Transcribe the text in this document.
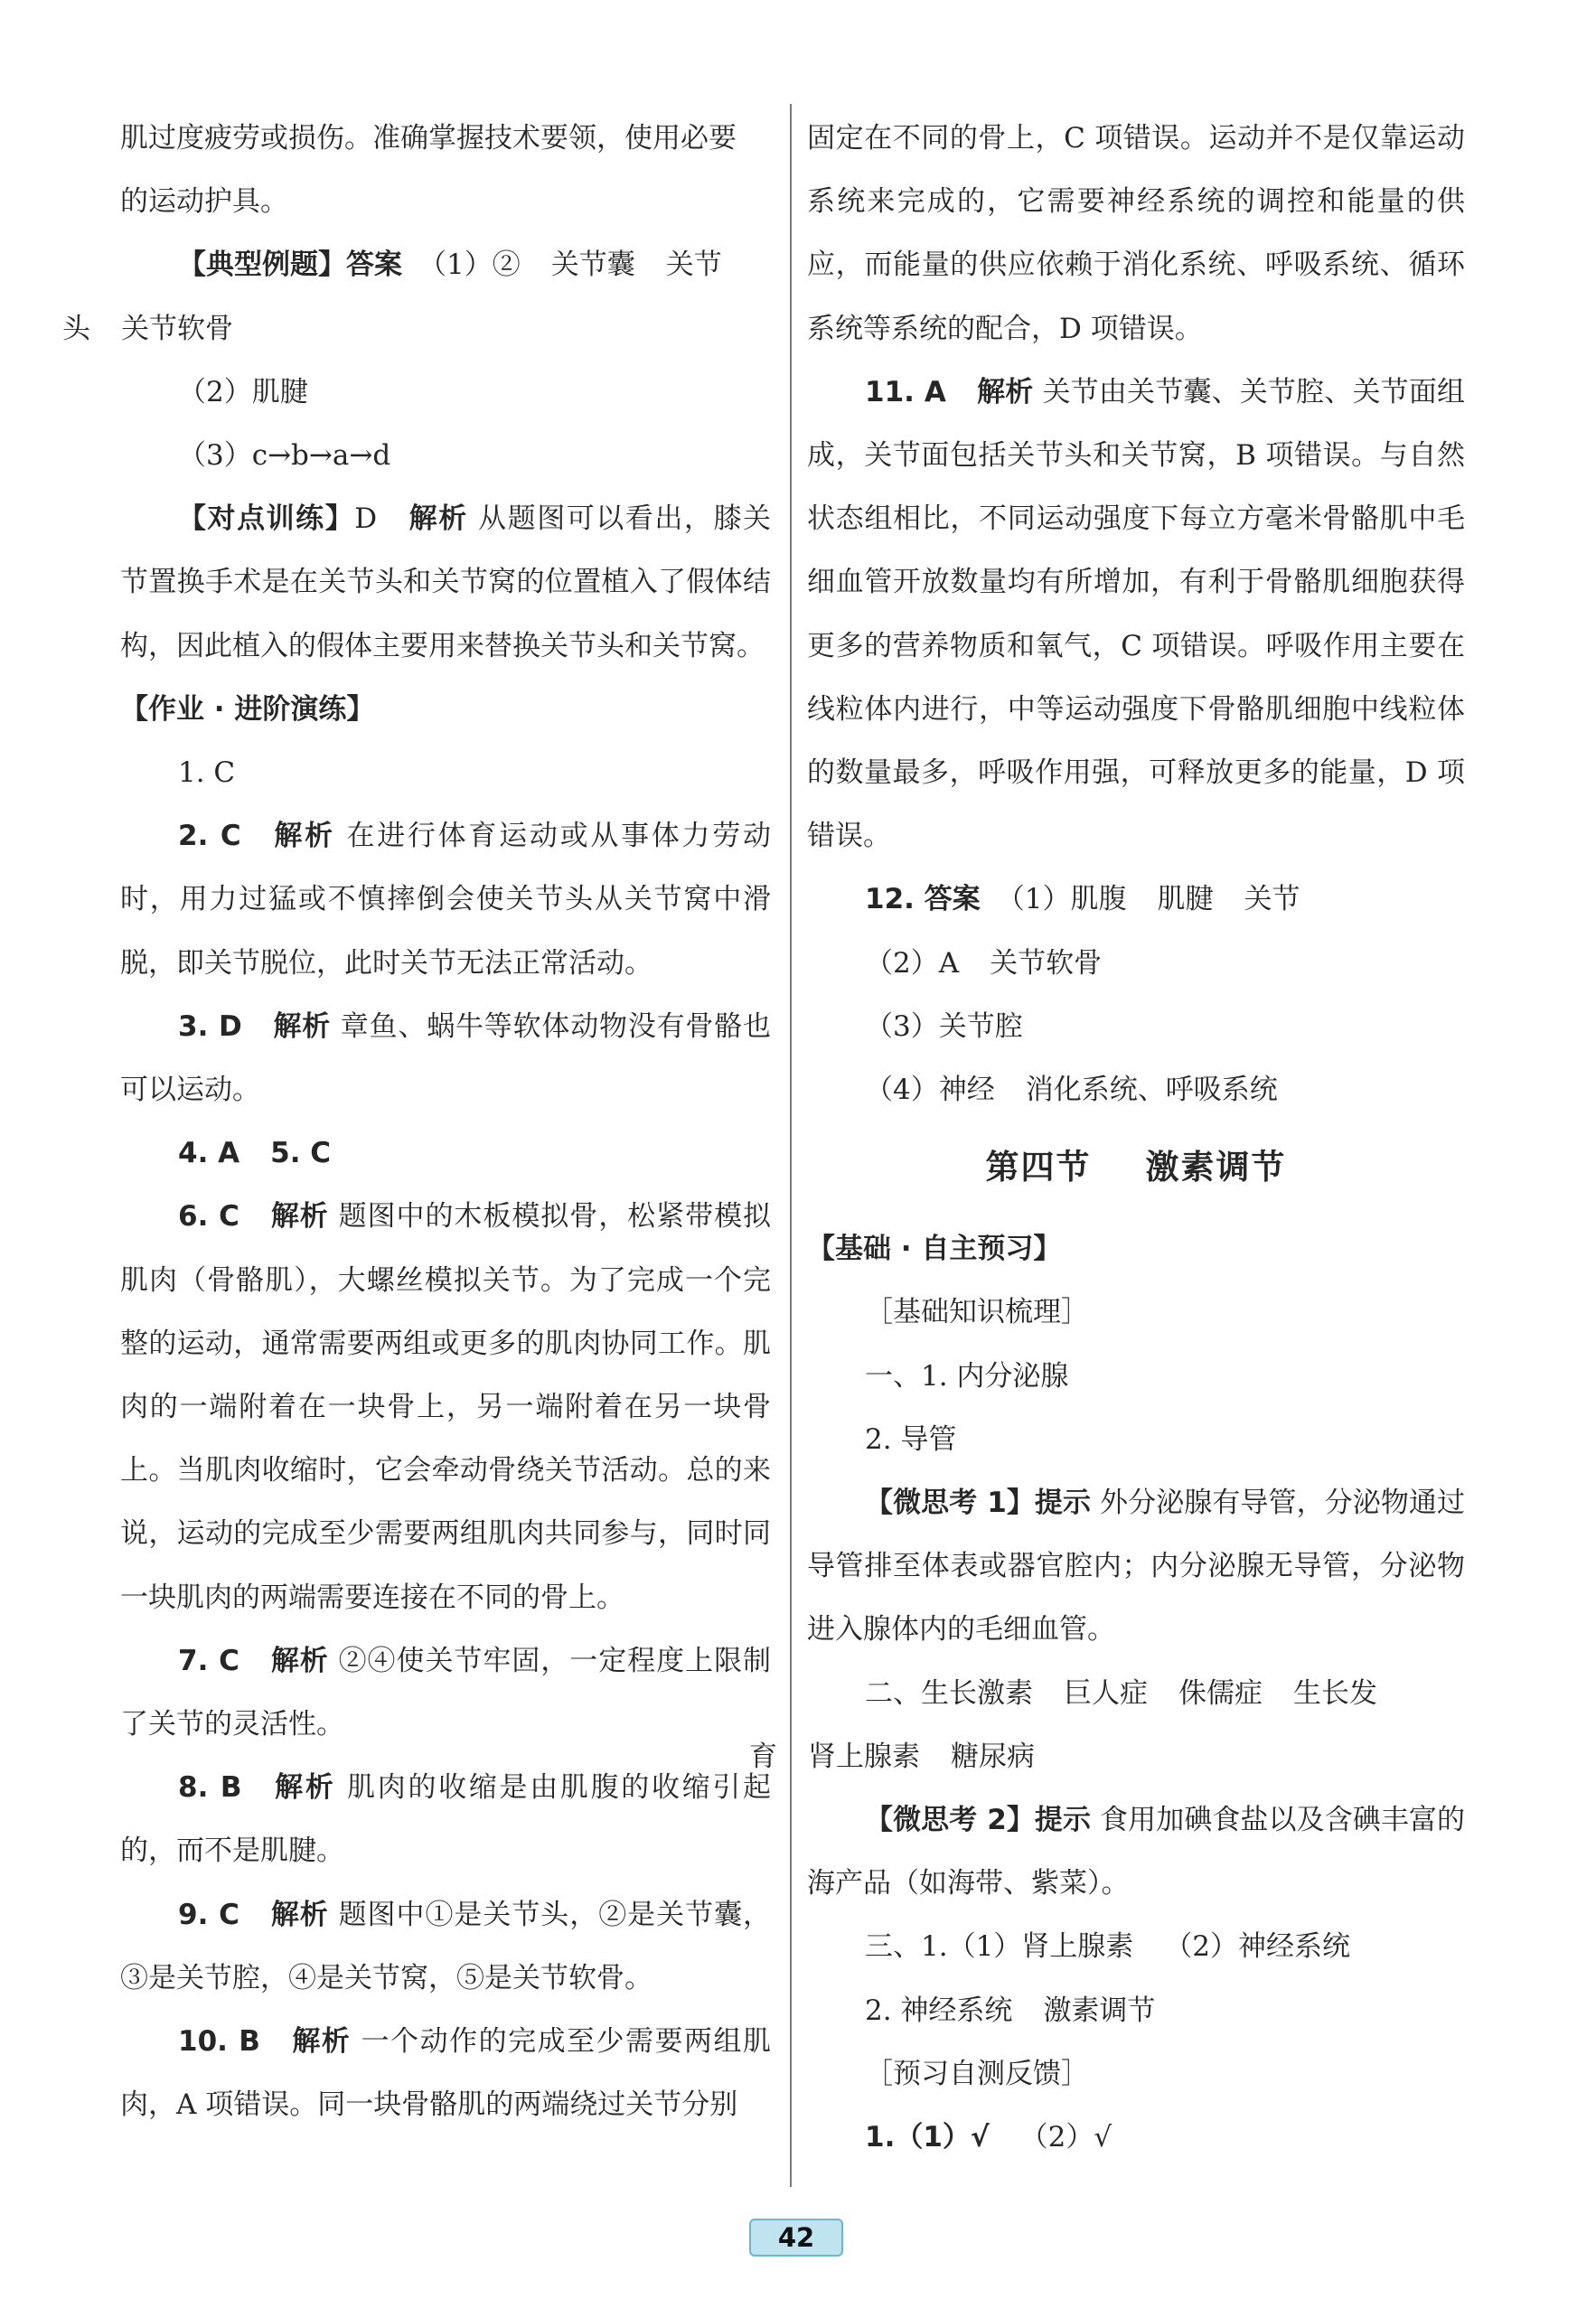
肌过度疲劳或损伤。准确掌握技术要领，使用必要
的运动护具。

【典型例题】答案 （1）② 关节囊 关节
头 关节软骨

（2）肌腱

（3）c→b→a→d

【对点训练】D 解析 从题图可以看出，膝关节置换手术是在关节头和关节窝的位置植入了假体结构，因此植入的假体主要用来替换关节头和关节窝。

【作业 · 进阶演练】

1. C

2. C 解析 在进行体育运动或从事体力劳动时，用力过猛或不慎摔倒会使关节头从关节窝中滑脱，即关节脱位，此时关节无法正常活动。

3. D 解析 章鱼、蜗牛等软体动物没有骨骼也可以运动。

4. A 5. C

6. C 解析 题图中的木板模拟骨，松紧带模拟肌肉（骨骼肌），大螺丝模拟关节。为了完成一个完整的运动，通常需要两组或更多的肌肉协同工作。肌肉的一端附着在一块骨上，另一端附着在另一块骨上。当肌肉收缩时，它会牵动骨绕关节活动。总的来说，运动的完成至少需要两组肌肉共同参与，同时同一块肌肉的两端需要连接在不同的骨上。

7. C 解析 ②④使关节牢固，一定程度上限制了关节的灵活性。

8. B 解析 肌肉的收缩是由肌腹的收缩引起的，而不是肌腱。

9. C 解析 题图中①是关节头，②是关节囊，③是关节腔，④是关节窝，⑤是关节软骨。

10. B 解析 一个动作的完成至少需要两组肌肉，A 项错误。同一块骨骼肌的两端绕过关节分别

固定在不同的骨上，C 项错误。运动并不是仅靠运动系统来完成的，它需要神经系统的调控和能量的供应，而能量的供应依赖于消化系统、呼吸系统、循环系统等系统的配合，D 项错误。

11. A 解析 关节由关节囊、关节腔、关节面组成，关节面包括关节头和关节窝，B 项错误。与自然状态组相比，不同运动强度下每立方毫米骨骼肌中毛细血管开放数量均有所增加，有利于骨骼肌细胞获得更多的营养物质和氧气，C 项错误。呼吸作用主要在线粒体内进行，中等运动强度下骨骼肌细胞中线粒体的数量最多，呼吸作用强，可释放更多的能量，D 项错误。

12. 答案 （1）肌腹 肌腱 关节

（2）A 关节软骨

（3）关节腔

（4）神经 消化系统、呼吸系统

第四节 激素调节

【基础 · 自主预习】

［基础知识梳理］

一、1. 内分泌腺

2. 导管

【微思考 1】提示 外分泌腺有导管，分泌物通过导管排至体表或器官腔内；内分泌腺无导管，分泌物进入腺体内的毛细血管。

二、生长激素 巨人症 侏儒症 生长发
育 肾上腺素 糖尿病

【微思考 2】提示 食用加碘食盐以及含碘丰富的海产品（如海带、紫菜）。

三、1.（1）肾上腺素 （2）神经系统

2. 神经系统 激素调节

［预习自测反馈］

1.（1）√ （2）√

42
